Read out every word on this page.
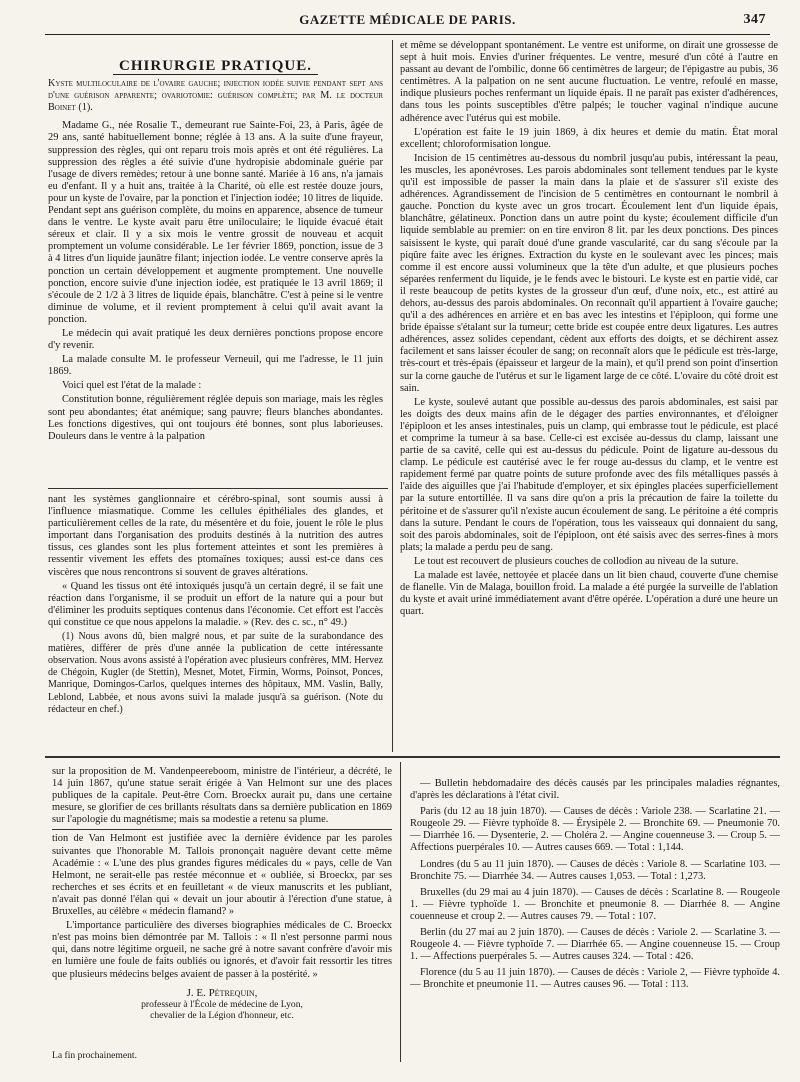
GAZETTE MÉDICALE DE PARIS.	347
CHIRURGIE PRATIQUE.

Kyste multiloculaire de l'ovaire gauche; injection iodée suivie pendant sept ans d'une guérison apparente; ovariotomie: guérison complète; par M. le docteur Boinet (1).

Madame G., née Rosalie T., demeurant rue Sainte-Foi, 23, à Paris, âgée de 29 ans, santé habituellement bonne; réglée à 13 ans. A la suite d'une frayeur, suppression des règles, qui ont reparu trois mois après et ont été régulières. La suppression des règles a été suivie d'une hydropisie abdominale guérie par l'usage de divers remèdes; retour à une bonne santé. Mariée à 16 ans, n'a jamais eu d'enfant. Il y a huit ans, traitée à la Charité, où elle est restée douze jours, pour un kyste de l'ovaire, par la ponction et l'injection iodée; 10 litres de liquide. Pendant sept ans guérison complète, du moins en apparence, absence de tumeur dans le ventre. Le kyste avait paru être uniloculaire; le liquide évacué était séreux et clair. Il y a six mois le ventre grossit de nouveau et acquit promptement un volume considérable. Le 1er février 1869, ponction, issue de 3 à 4 litres d'un liquide jaunâtre filant; injection iodée. Le ventre conserve après la ponction un certain développement et augmente promptement. Une nouvelle ponction, encore suivie d'une injection iodée, est pratiquée le 13 avril 1869; il s'écoule de 2 1/2 à 3 litres de liquide épais, blanchâtre. C'est à peine si le ventre diminue de volume, et il revient promptement à celui qu'il avait avant la ponction.

Le médecin qui avait pratiqué les deux dernières ponctions propose encore d'y revenir.

La malade consulte M. le professeur Verneuil, qui me l'adresse, le 11 juin 1869.

Voici quel est l'état de la malade :

Constitution bonne, régulièrement réglée depuis son mariage, mais les règles sont peu abondantes; état anémique; sang pauvre; fleurs blanches abondantes. Les fonctions digestives, qui ont toujours été bonnes, sont plus laborieuses. Douleurs dans le ventre à la palpation

nant les systèmes ganglionnaire et cérébro-spinal, sont soumis aussi à l'influence miasmatique. Comme les cellules épithéliales des glandes, et particulièrement celles de la rate, du mésentère et du foie, jouent le rôle le plus important dans l'organisation des produits destinés à la nutrition des autres tissus, ces glandes sont les plus fortement atteintes et sont les premières à ressentir vivement les effets des ptomaïnes toxiques; aussi est-ce dans ces viscères que nous rencontrons si souvent de graves altérations.

« Quand les tissus ont été intoxiqués jusqu'à un certain degré, il se fait une réaction dans l'organisme, il se produit un effort de la nature qui a pour but d'éliminer les produits septiques contenus dans l'économie. Cet effort est l'accès qui constitue ce que nous appelons la maladie. » (Rev. des c. sc., n° 49.)

(1) Nous avons dû, bien malgré nous, et par suite de la surabondance des matières, différer de près d'une année la publication de cette intéressante observation. Nous avons assisté à l'opération avec plusieurs confrères, MM. Hervez de Chégoin, Kugler (de Stettin), Mesnet, Motet, Firmin, Worms, Poinsot, Ponces, Manrique, Domingos-Carlos, quelques internes des hôpitaux, MM. Vaslin, Bally, Leblond, Labbée, et nous avons suivi la malade jusqu'à sa guérison. (Note du rédacteur en chef.)

et même se développant spontanément. Le ventre est uniforme, on dirait une grossesse de sept à huit mois. Envies d'uriner fréquentes. Le ventre, mesuré d'un côté à l'autre en passant au devant de l'ombilic, donne 66 centimètres de largeur; de l'épigastre au pubis, 36 centimètres. A la palpation on ne sent aucune fluctuation. Le ventre, refoulé en masse, indique plusieurs poches renfermant un liquide épais. Il ne paraît pas exister d'adhérences, dans tous les points susceptibles d'être palpés; le toucher vaginal n'indique aucune adhérence avec l'utérus qui est mobile.

L'opération est faite le 19 juin 1869, à dix heures et demie du matin. État moral excellent; chloroformisation longue.

Incision de 15 centimètres au-dessous du nombril jusqu'au pubis, intéressant la peau, les muscles, les aponévroses. Les parois abdominales sont tellement tendues par le kyste qu'il est impossible de passer la main dans la plaie et de s'assurer s'il existe des adhérences. Agrandissement de l'incision de 5 centimètres en contournant le nombril à gauche. Ponction du kyste avec un gros trocart. Écoulement lent d'un liquide épais, blanchâtre, gélatineux. Ponction dans un autre point du kyste; écoulement difficile d'un liquide semblable au premier: on en tire environ 8 lit. par les deux ponctions. Des pinces saisissent le kyste, qui paraît doué d'une grande vascularité, car du sang s'écoule par la piqûre faite avec les érignes. Extraction du kyste en le soulevant avec les pinces; mais comme il est encore aussi volumineux que la tête d'un adulte, et que plusieurs poches séparées renferment du liquide, je le fends avec le bistouri. Le kyste est en partie vidé, car il reste beaucoup de petits kystes de la grosseur d'un œuf, d'une noix, etc., est attiré au dehors, au-dessus des parois abdominales. On reconnaît qu'il appartient à l'ovaire gauche; qu'il a des adhérences en arrière et en bas avec les intestins et l'épiploon, qui forme une bride épaisse s'étalant sur la tumeur; cette bride est coupée entre deux ligatures. Les autres adhérences, assez solides cependant, cèdent aux efforts des doigts, et se déchirent assez facilement et sans laisser écouler de sang; on reconnaît alors que le pédicule est très-large, très-court et très-épais (épaisseur et largeur de la main), et qu'il prend son point d'insertion sur la corne gauche de l'utérus et sur le ligament large de ce côté. L'ovaire du côté droit est sain.

Le kyste, soulevé autant que possible au-dessus des parois abdominales, est saisi par les doigts des deux mains afin de le dégager des parties environnantes, et d'éloigner l'épiploon et les anses intestinales, puis un clamp, qui embrasse tout le pédicule, est placé et comprime la tumeur à sa base. Celle-ci est excisée au-dessus du clamp, laissant une partie de sa cavité, celle qui est au-dessus du pédicule. Point de ligature au-dessous du clamp. Le pédicule est cautérisé avec le fer rouge au-dessus du clamp, et le ventre est rapidement fermé par quatre points de suture profonde avec des fils métalliques passés à l'aide des aiguilles que j'ai l'habitude d'employer, et six épingles placées superficiellement par la suture entortillée. Il va sans dire qu'on a pris la précaution de faire la toilette du péritoine et de s'assurer qu'il n'existe aucun écoulement de sang. Le péritoine a été compris dans la suture. Pendant le cours de l'opération, tous les vaisseaux qui donnaient du sang, soit des parois abdominales, soit de l'épiploon, ont été saisis avec des serres-fines à mors plats; la malade a perdu peu de sang.

Le tout est recouvert de plusieurs couches de collodion au niveau de la suture.

La malade est lavée, nettoyée et placée dans un lit bien chaud, couverte d'une chemise de flanelle. Vin de Malaga, bouillon froid. La malade a été purgée la surveille de l'ablation du kyste et avait uriné immédiatement avant d'être opérée. L'opération a duré une heure un quart.

sur la proposition de M. Vandenpeereboom, ministre de l'intérieur, a décrété, le 14 juin 1867, qu'une statue serait érigée à Van Helmont sur une des places publiques de la capitale. Peut-être Corn. Broeckx aurait pu, dans une certaine mesure, se glorifier de ces brillants résultats dans sa dernière publication en 1869 sur l'apologie du magnétisme; mais sa modestie a retenu sa plume.

tion de Van Helmont est justifiée avec la dernière évidence par les paroles suivantes que l'honorable M. Tallois prononçait naguère devant cette même Académie : « L'une des plus grandes figures médicales du « pays, celle de Van Helmont, ne serait-elle pas restée méconnue et « oubliée, si Broeckx, par ses recherches et ses écrits et en feuilletant « de vieux manuscrits et les publiant, n'avait pas donné l'élan qui « devait un jour aboutir à l'érection d'une statue, à Bruxelles, au célèbre « médecin flamand? »

L'importance particulière des diverses biographies médicales de C. Broeckx n'est pas moins bien démontrée par M. Tallois : « Il n'est personne parmi nous qui, dans notre légitime orgueil, ne sache gré à notre savant confrère d'avoir mis en lumière une foule de faits oubliés ou ignorés, et d'avoir fait ressortir les titres que plusieurs médecins belges avaient de passer à la postérité. »

J. E. Pétrequin,
professeur à l'École de médecine de Lyon,
chevalier de la Légion d'honneur, etc.
La fin prochainement.

— Bulletin hebdomadaire des décès causés par les principales maladies régnantes, d'après les déclarations à l'état civil.

Paris (du 12 au 18 juin 1870). — Causes de décès : Variole 238. — Scarlatine 21. — Rougeole 29. — Fièvre typhoïde 8. — Érysipèle 2. — Bronchite 69. — Pneumonie 70. — Diarrhée 16. — Dysenterie, 2. — Choléra 2. — Angine couenneuse 3. — Croup 5. — Affections puerpérales 10. — Autres causes 669. — Total : 1,144.

Londres (du 5 au 11 juin 1870). — Causes de décès : Variole 8. — Scarlatine 103. — Bronchite 75. — Diarrhée 34. — Autres causes 1,053. — Total : 1,273.

Bruxelles (du 29 mai au 4 juin 1870). — Causes de décès : Scarlatine 8. — Rougeole 1. — Fièvre typhoïde 1. — Bronchite et pneumonie 8. — Diarrhée 8. — Angine couenneuse et croup 2. — Autres causes 79. — Total : 107.

Berlin (du 27 mai au 2 juin 1870). — Causes de décès : Variole 2. — Scarlatine 3. — Rougeole 4. — Fièvre typhoïde 7. — Diarrhée 65. — Angine couenneuse 15. — Croup 1. — Affections puerpérales 5. — Autres causes 324. — Total : 426.

Florence (du 5 au 11 juin 1870). — Causes de décès : Variole 2, — Fièvre typhoïde 4. — Bronchite et pneumonie 11. — Autres causes 96. — Total : 113.
